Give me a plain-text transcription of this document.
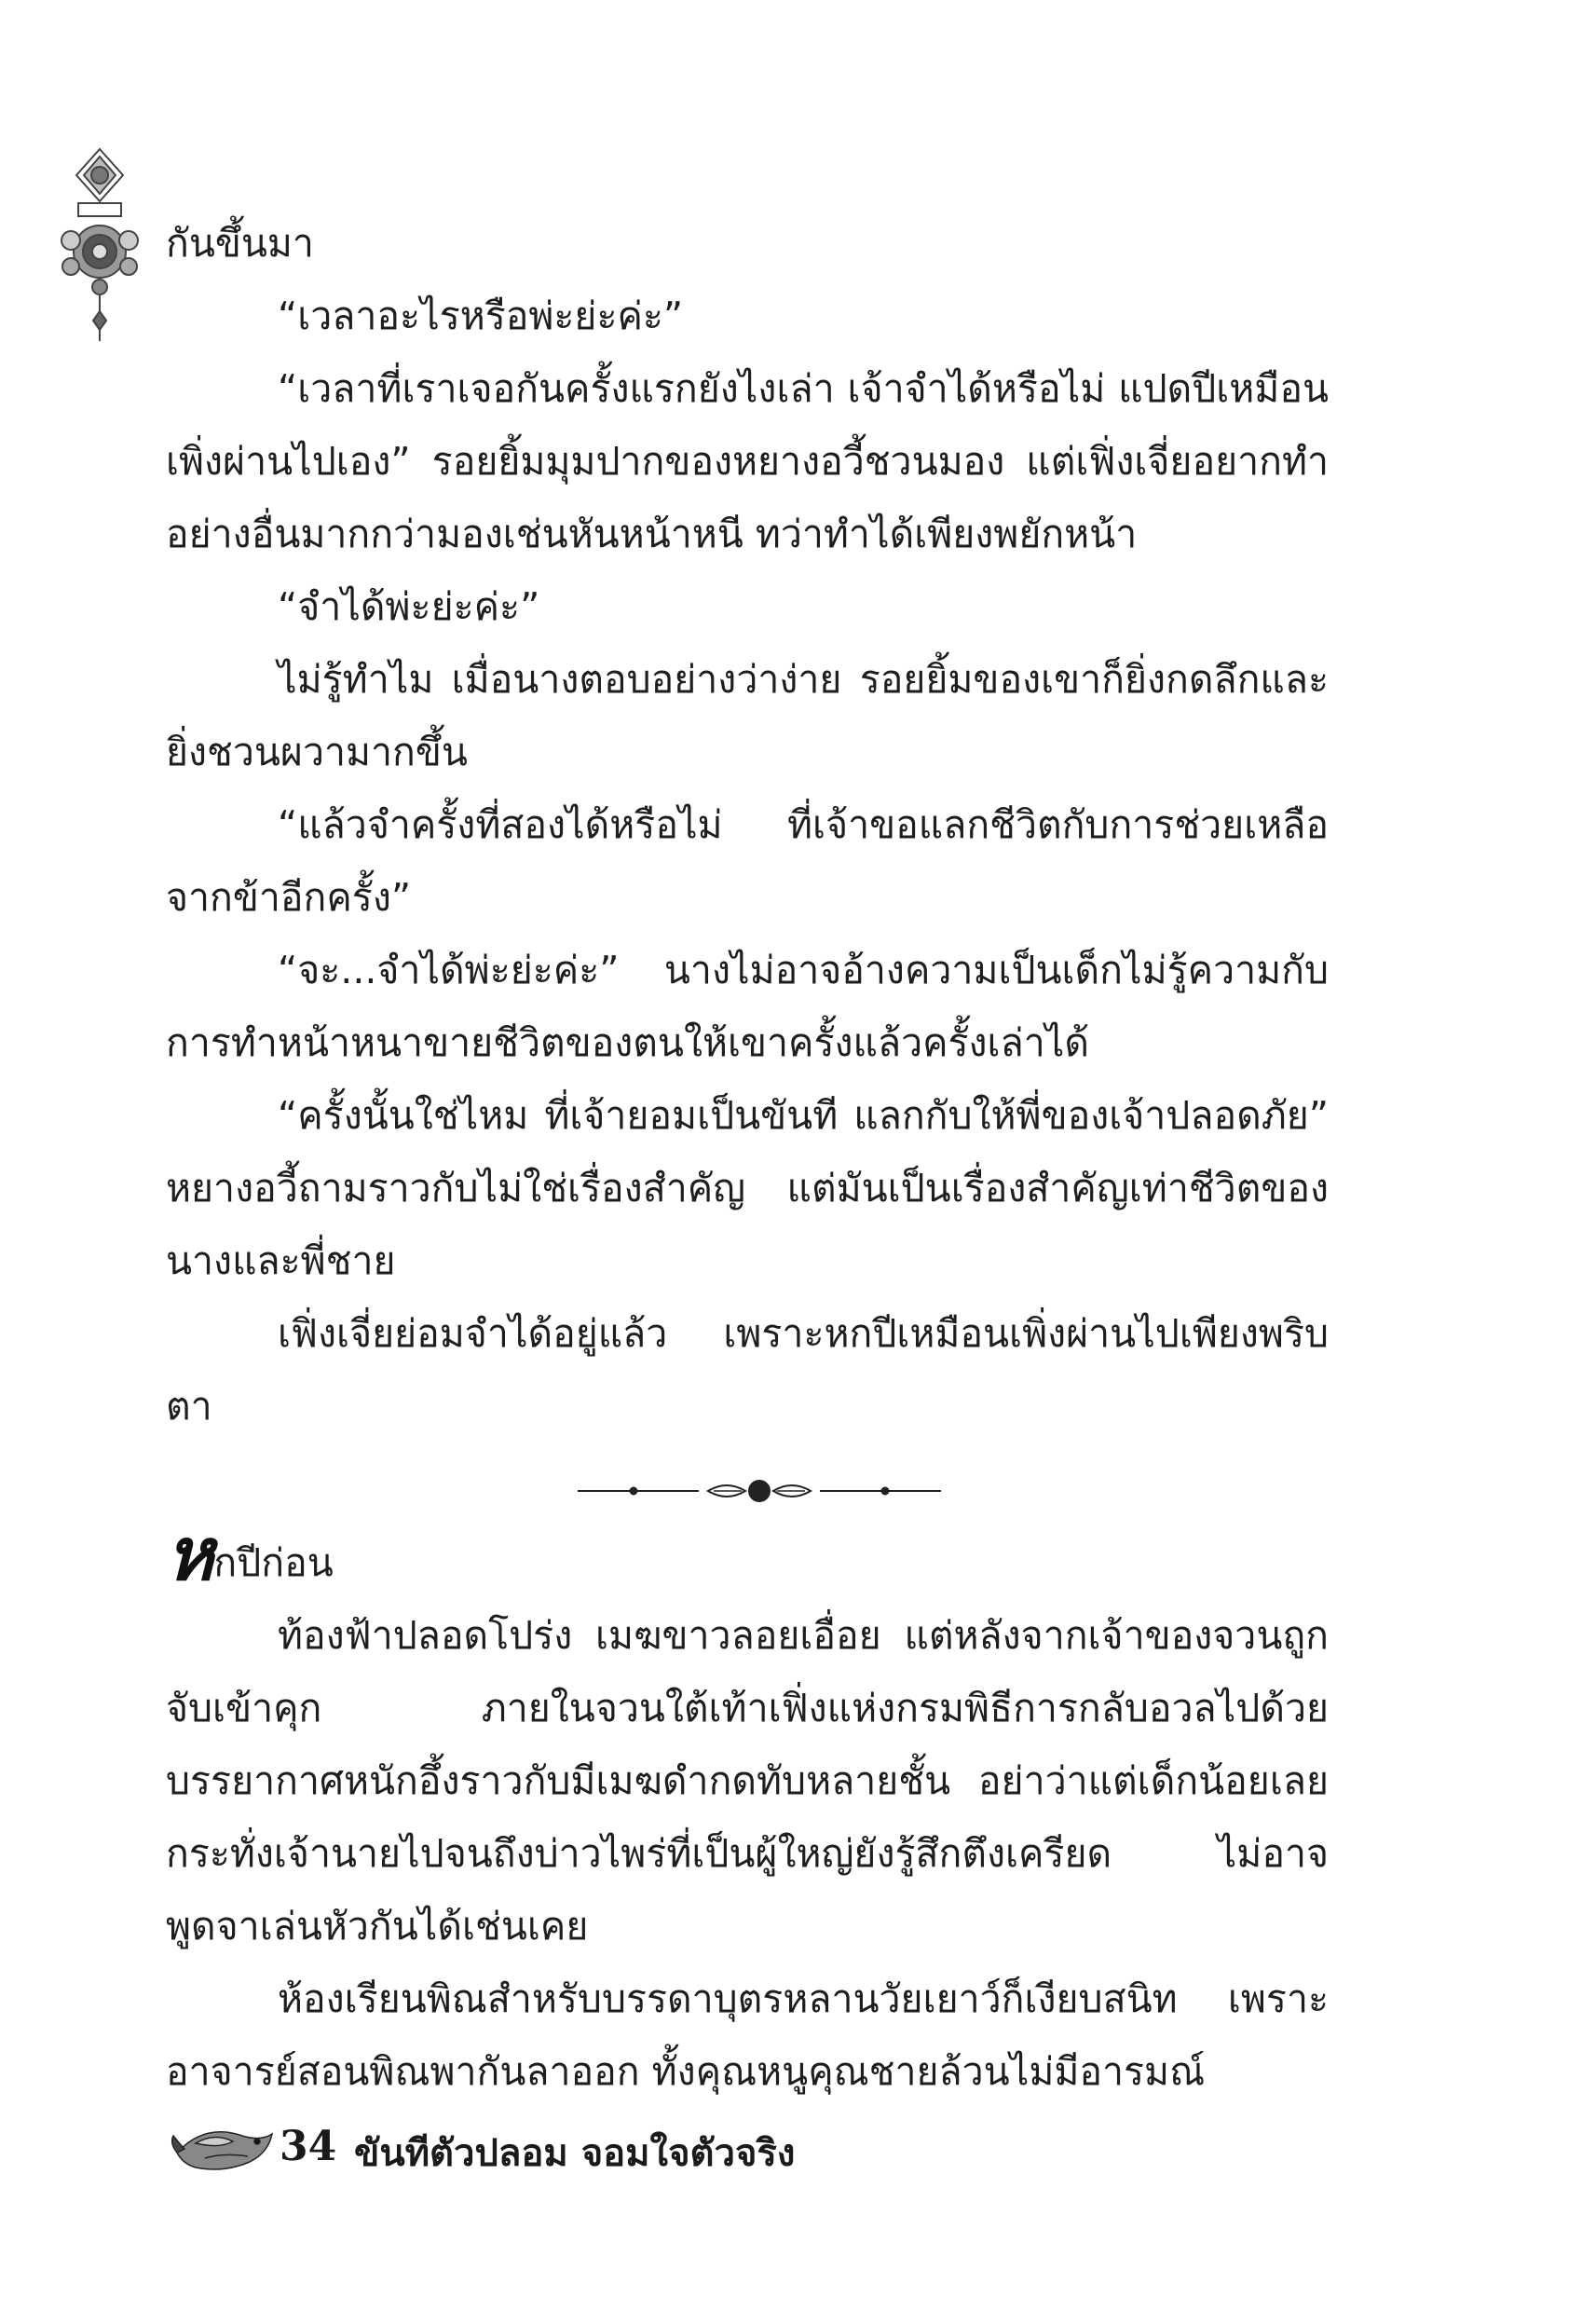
กันขึ้นมา

“เวลาอะไรหรือพ่ะย่ะค่ะ”

“เวลาที่เราเจอกันครั้งแรกยังไงเล่า เจ้าจำได้หรือไม่ แปดปีเหมือนเพิ่งผ่านไปเอง” รอยยิ้มมุมปากของหยางอวี้ชวนมอง แต่เฟิ่งเจี่ยอยากทำอย่างอื่นมากกว่ามองเช่นหันหน้าหนี ทว่าทำได้เพียงพยักหน้า

“จำได้พ่ะย่ะค่ะ”

ไม่รู้ทำไม เมื่อนางตอบอย่างว่าง่าย รอยยิ้มของเขาก็ยิ่งกดลึกและยิ่งชวนผวามากขึ้น

“แล้วจำครั้งที่สองได้หรือไม่ ที่เจ้าขอแลกชีวิตกับการช่วยเหลือจากข้าอีกครั้ง”

“จะ...จำได้พ่ะย่ะค่ะ” นางไม่อาจอ้างความเป็นเด็กไม่รู้ความกับการทำหน้าหนาขายชีวิตของตนให้เขาครั้งแล้วครั้งเล่าได้

“ครั้งนั้นใช่ไหม ที่เจ้ายอมเป็นขันที แลกกับให้พี่ของเจ้าปลอดภัย” หยางอวี้ถามราวกับไม่ใช่เรื่องสำคัญ แต่มันเป็นเรื่องสำคัญเท่าชีวิตของนางและพี่ชาย

เฟิ่งเจี่ยย่อมจำได้อยู่แล้ว เพราะหกปีเหมือนเพิ่งผ่านไปเพียงพริบตา

หกปีก่อน

ท้องฟ้าปลอดโปร่ง เมฆขาวลอยเอื่อย แต่หลังจากเจ้าของจวนถูกจับเข้าคุก ภายในจวนใต้เท้าเฟิ่งแห่งกรมพิธีการกลับอวลไปด้วยบรรยากาศหนักอึ้งราวกับมีเมฆดำกดทับหลายชั้น อย่าว่าแต่เด็กน้อยเลย กระทั่งเจ้านายไปจนถึงบ่าวไพร่ที่เป็นผู้ใหญ่ยังรู้สึกตึงเครียด ไม่อาจพูดจาเล่นหัวกันได้เช่นเคย

ห้องเรียนพิณสำหรับบรรดาบุตรหลานวัยเยาว์ก็เงียบสนิท เพราะอาจารย์สอนพิณพากันลาออก ทั้งคุณหนูคุณชายล้วนไม่มีอารมณ์

34 ขันทีตัวปลอม จอมใจตัวจริง
